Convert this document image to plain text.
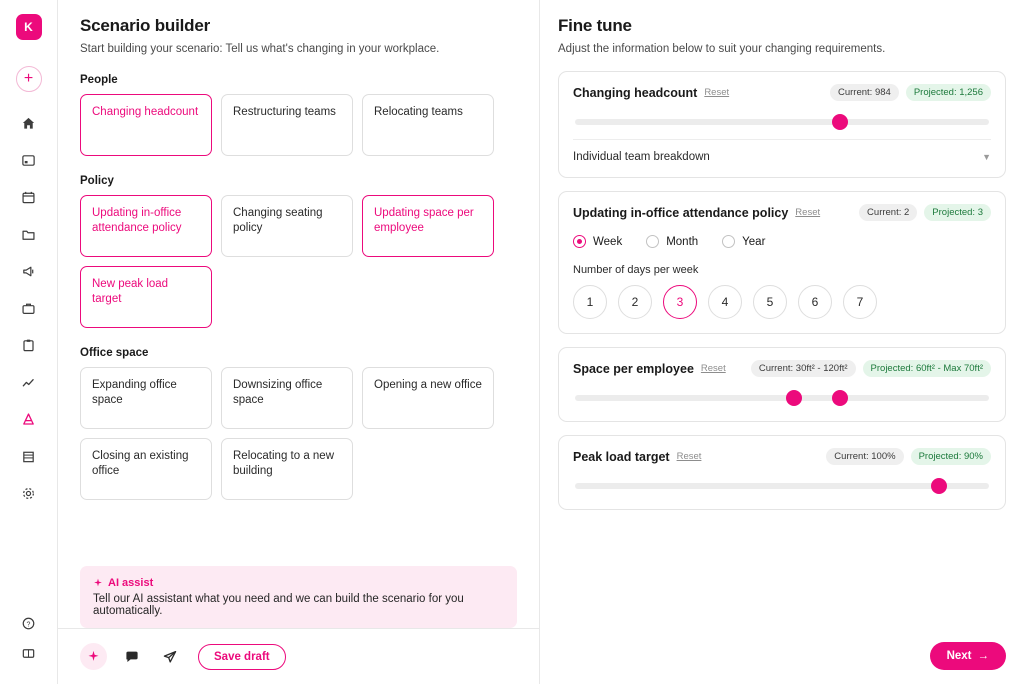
K
+
?
Scenario builder
Start building your scenario: Tell us what's changing in your workplace.
People
Changing headcount	Restructuring teams	Relocating teams
Policy
Updating in-office attendance policy
Changing seating policy
Updating space per employee
New peak load target
Office space
Expanding office space
Downsizing office space
Opening a new office
Closing an existing office
Relocating to a new building
AI assist
Tell our AI assistant what you need and we can build the scenario for you automatically.
Save draft
Fine tune
Adjust the information below to suit your changing requirements.
Changing headcount Reset	Current: 984	Projected: 1,256
Individual team breakdown	▼
Updating in-office attendance policy Reset	Current: 2	Projected: 3
Week	Month	Year
Number of days per week
1	2	3	4	5	6	7
Space per employee Reset	Current: 30ft² - 120ft²	Projected: 60ft² - Max 70ft²
Peak load target Reset	Current: 100%	Projected: 90%
Next →
